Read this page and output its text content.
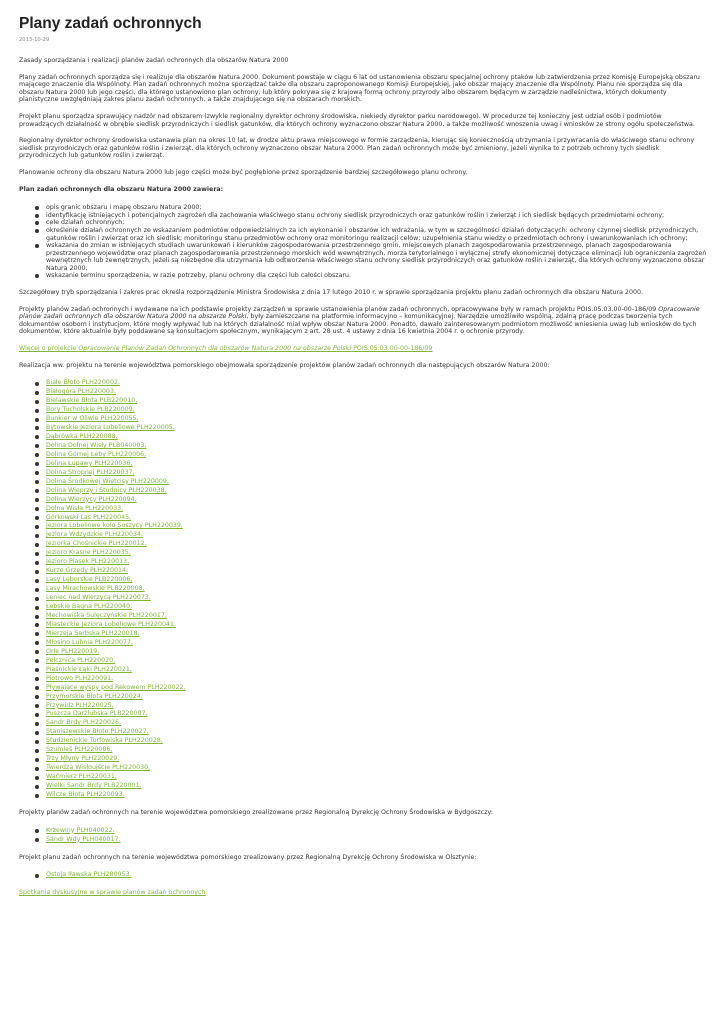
Plany zadań ochronnych
2013-10-29

Zasady sporządzania i realizacji planów zadań ochronnych dla obszarów Natura 2000

Plany zadań ochronnych sporządza się i realizuje dla obszarów Natura 2000. Dokument powstaje w ciągu 6 lat od ustanowienia obszaru specjalnej ochrony ptaków lub zatwierdzenia przez Komisję Europejską obszaru mającego znaczenie dla Wspólnoty. Plan zadań ochronnych można sporządzać także dla obszaru zaproponowanego Komisji Europejskiej, jako obszar mający znaczenie dla Wspólnoty. Planu nie sporządza się dla obszaru Natura 2000 lub jego części, dla którego ustanowiono plan ochrony, lub który pokrywa się z krajową formą ochrony przyrody albo obszarem będącym w zarządzie nadleśnictwa, których dokumenty planistyczne uwzględniają zakres planu zadań ochronnych, a także znajdującego się na obszarach morskich.

Projekt planu sporządza sprawujący nadzór nad obszarem (zwykle regionalny dyrektor ochrony środowiska, niekiedy dyrektor parku narodowego). W procedurze tej konieczny jest udział osób i podmiotów prowadzących działalność w obrębie siedlisk przyrodniczych i siedlisk gatunków, dla których ochrony wyznaczono obszar Natura 2000, a także możliwość wnoszenia uwag i wniosków ze strony ogółu społeczeństwa.

Regionalny dyrektor ochrony środowiska ustanawia plan na okres 10 lat, w drodze aktu prawa miejscowego w formie zarządzenia, kierując się koniecznością utrzymania i przywracania do właściwego stanu ochrony siedlisk przyrodniczych oraz gatunków roślin i zwierząt, dla których ochrony wyznaczono obszar Natura 2000. Plan zadań ochronnych może być zmieniony, jeżeli wynika to z potrzeb ochrony tych siedlisk przyrodniczych lub gatunków roślin i zwierząt.

Planowanie ochrony dla obszaru Natura 2000 lub jego części może być pogłębione przez sporządzenie bardziej szczegółowego planu ochrony.

Plan zadań ochronnych dla obszaru Natura 2000 zawiera:

opis granic obszaru i mapę obszaru Natura 2000;
identyfikację istniejących i potencjalnych zagrożeń dla zachowania właściwego stanu ochrony siedlisk przyrodniczych oraz gatunków roślin i zwierząt i ich siedlisk będących przedmiotami ochrony;
cele działań ochronnych;
określenie działań ochronnych ze wskazaniem podmiotów odpowiedzialnych za ich wykonanie i obszarów ich wdrażania, w tym w szczególności działań dotyczących: ochrony czynnej siedlisk przyrodniczych, gatunków roślin i zwierząt oraz ich siedlisk; monitoringu stanu przedmiotów ochrony oraz monitoringu realizacji celów; uzupełnienia stanu wiedzy o przedmiotach ochrony i uwarunkowaniach ich ochrony;
wskazania do zmian w istniejących studiach uwarunkowań i kierunków zagospodarowania przestrzennego gmin, miejscowych planach zagospodarowania przestrzennego, planach zagospodarowania przestrzennego województw oraz planach zagospodarowania przestrzennego morskich wód wewnętrznych, morza terytorialnego i wyłącznej strefy ekonomicznej dotyczące eliminacji lub ograniczenia zagrożeń wewnętrznych lub zewnętrznych, jeżeli są niezbędne dla utrzymania lub odtworzenia właściwego stanu ochrony siedlisk przyrodniczych oraz gatunków roślin i zwierząt, dla których ochrony wyznaczono obszar Natura 2000;
wskazanie terminu sporządzenia, w razie potrzeby, planu ochrony dla części lub całości obszaru.

Szczegółowy tryb sporządzania i zakres prac określa rozporządzenie Ministra Środowiska z dnia 17 lutego 2010 r. w sprawie sporządzania projektu planu zadań ochronnych dla obszaru Natura 2000.

Projekty planów zadań ochronnych i wydawane na ich podstawie projekty zarządzeń w sprawie ustanowienia planów zadań ochronnych, opracowywane były w ramach projektu POIS.05.03.00-00-186/09 Opracowanie planów zadań ochronnych dla obszarów Natura 2000 na obszarze Polski, były zamieszczane na platformie informacyjno – komunikacyjnej. Narzędzie umożliwiło wspólną, zdalną pracę podczas tworzenia tych dokumentów osobom i instytucjom, które mogły wpływać lub na których działalność miał wpływ obszar Natura 2000. Ponadto, dawało zainteresowanym podmiotom możliwość wniesienia uwag lub wniosków do tych dokumentów, które aktualnie były poddawane są konsultacjom społecznym, wynikającym z art. 28 ust. 4 ustawy z dnia 16 kwietnia 2004 r. o ochronie przyrody.

Więcej o projekcie Opracowanie Planów Zadań Ochronnych dla obszarów Natura 2000 na obszarze Polski POIS.05.03.00-00-186/09

Realizacja ww. projektu na terenie województwa pomorskiego obejmowała sporządzenie projektów planów zadań ochronnych dla następujących obszarów Natura 2000:

Białe Błoto PLH220002,
Białogóra PLH220003,
Bielawskie Błota PLB220010,
Bory Tucholskie PLB220009,
Bunkier w Oliwie PLH220055,
Bytowskie Jeziora Lobeliowe PLH220005,
Dąbrówka PLH220088,
Dolina Dolnej Wisły PLB040003,
Dolina Górnej Łeby PLH220006,
Dolina Łupawy PLH220036,
Dolina Stropnej PLH220037,
Dolina Środkowej Wietcisy PLH220009,
Dolina Wieprzy i Studnicy PLH220038,
Dolina Wierzycy PLH220094,
Dolna Wisła PLH220033,
Górkowski Las PLH220045,
Jeziora Lobeliowe koło Soszycy PLH220039,
Jeziora Wdzydzkie PLH220034,
Jeziorka Chośnickie PLH220012,
Jezioro Krasne PLH220035,
Jezioro Piasek PLH220013,
Kurze Grzędy PLH220014,
Lasy Lęborskie PLB220006,
Lasy Mirachowskie PLB220008,
Leniec nad Wierzycą PLH220073,
Łebskie Bagna PLH220040,
Mechowiska Sulęczyńskie PLH220017,
Miasteckie Jeziora Lobeliowe PLH220041,
Mierzeja Sarbska PLH220018,
Młosino Lubnia PLH220077,
Orle PLH220019,
Pełcznica PLH220020,
Piaśnickie Łąki PLH220021,
Piotrowo PLH220091,
Pływające wyspy pod Rekowem PLH220022,
Przymorskie Błota PLH220024,
Przywidz PLH220025,
Puszcza Darżlubska PLB220007,
Sandr Brdy PLH220026,
Staniszewskie Błoto PLH220027,
Studzienickie Torfowiska PLH220028,
Szumleś PLH220086,
Trzy Młyny PLH220029,
Twierdza Wisłoujście PLH220030,
Waćmierz PLH220031,
Wielki Sandr Brdy PLB220001,
Wilcze Błota PLH220093.

Projekty planów zadań ochronnych na terenie województwa pomorskiego zrealizowane przez Regionalną Dyrekcję Ochrony Środowiska w Bydgoszczy:

Krzewiny PLH040022,
Sandr Wdy PLH040017.

Projekt planu zadań ochronnych na terenie województwa pomorskiego zrealizowany przez Regionalną Dyrekcję Ochrony Środowiska w Olsztynie:

Ostoja Iławska PLH280053.

Spotkania dyskusyjne w sprawie planów zadań ochronnych
